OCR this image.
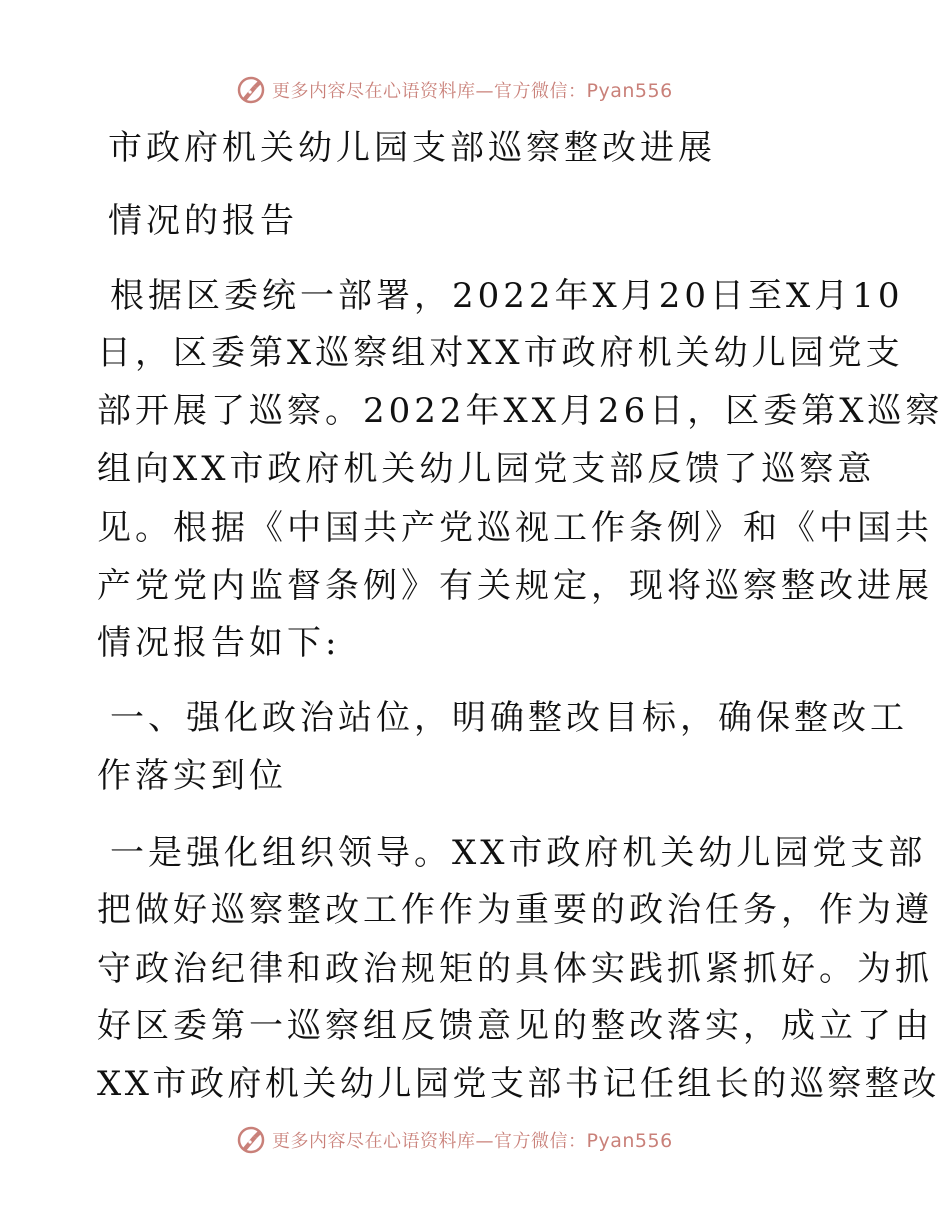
更多内容尽在心语资料库—官方微信：Pyan556
市政府机关幼儿园支部巡察整改进展
情况的报告
根据区委统一部署，2022年X月20日至X月10
日，区委第X巡察组对XX市政府机关幼儿园党支
部开展了巡察。2022年XX月26日，区委第X巡察
组向XX市政府机关幼儿园党支部反馈了巡察意
见。根据《中国共产党巡视工作条例》和《中国共
产党党内监督条例》有关规定，现将巡察整改进展
情况报告如下:
一、强化政治站位，明确整改目标，确保整改工
作落实到位
一是强化组织领导。XX市政府机关幼儿园党支部
把做好巡察整改工作作为重要的政治任务，作为遵
守政治纪律和政治规矩的具体实践抓紧抓好。为抓
好区委第一巡察组反馈意见的整改落实，成立了由
XX市政府机关幼儿园党支部书记任组长的巡察整改
更多内容尽在心语资料库—官方微信：Pyan556
